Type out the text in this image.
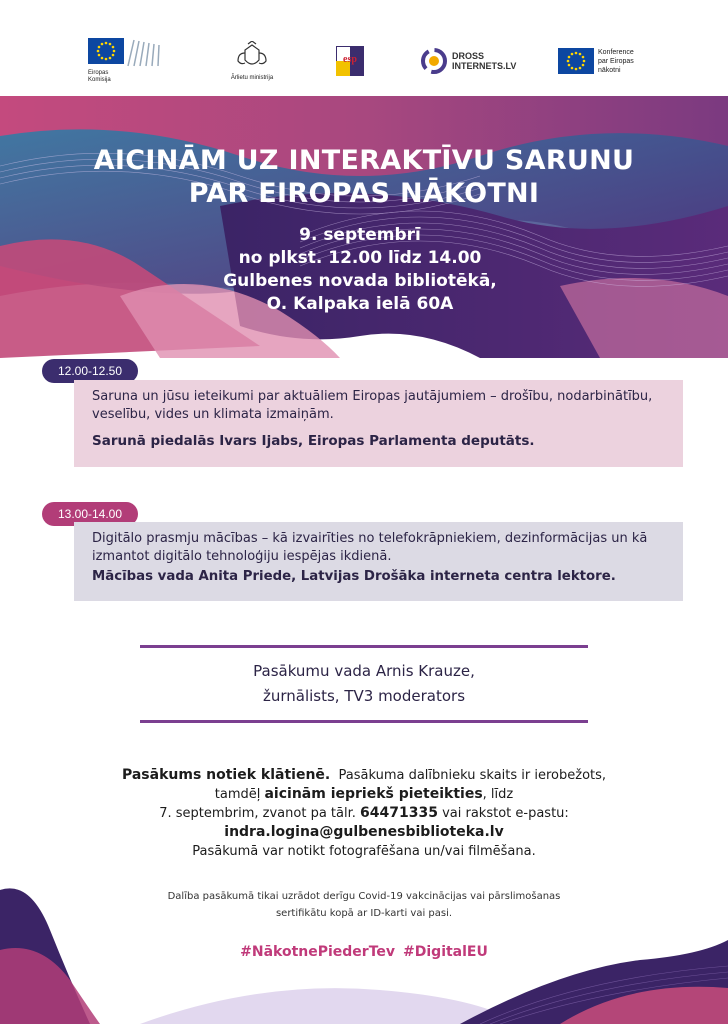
Eiropas Komisija	Ārlietu ministrija
esp	DROSS INTERNETS.LV
Konference par Eiropas nākotni
AICINĀM UZ INTERAKTĪVU SARUNU
PAR EIROPAS NĀKOTNI
9. septembrī
no plkst. 12.00 līdz 14.00
Gulbenes novada bibliotēkā,
O. Kalpaka ielā 60A
12.00-12.50

Saruna un jūsu ieteikumi par aktuāliem Eiropas jautājumiem – drošību, nodarbinātību, veselību, vides un klimata izmaiņām.

Sarunā piedalās Ivars Ijabs, Eiropas Parlamenta deputāts.

13.00-14.00

Digitālo prasmju mācības – kā izvairīties no telefokrāpniekiem, dezinformācijas un kā izmantot digitālo tehnoloģiju iespējas ikdienā.

Mācības vada Anita Priede, Latvijas Drošāka interneta centra lektore.

Pasākumu vada Arnis Krauze,
žurnālists, TV3 moderators
Pasākums notiek klātienē. Pasākuma dalībnieku skaits ir ierobežots,
tamdēļ aicinām iepriekš pieteikties, līdz
7. septembrim, zvanot pa tālr. 64471335 vai rakstot e-pastu:
indra.logina@gulbenesbiblioteka.lv
Pasākumā var notikt fotografēšana un/vai filmēšana.
Dalība pasākumā tikai uzrādot derīgu Covid-19 vakcinācijas vai pārslimošanas
sertifikātu kopā ar ID-karti vai pasi.
#NākotnePiederTev #DigitalEU
